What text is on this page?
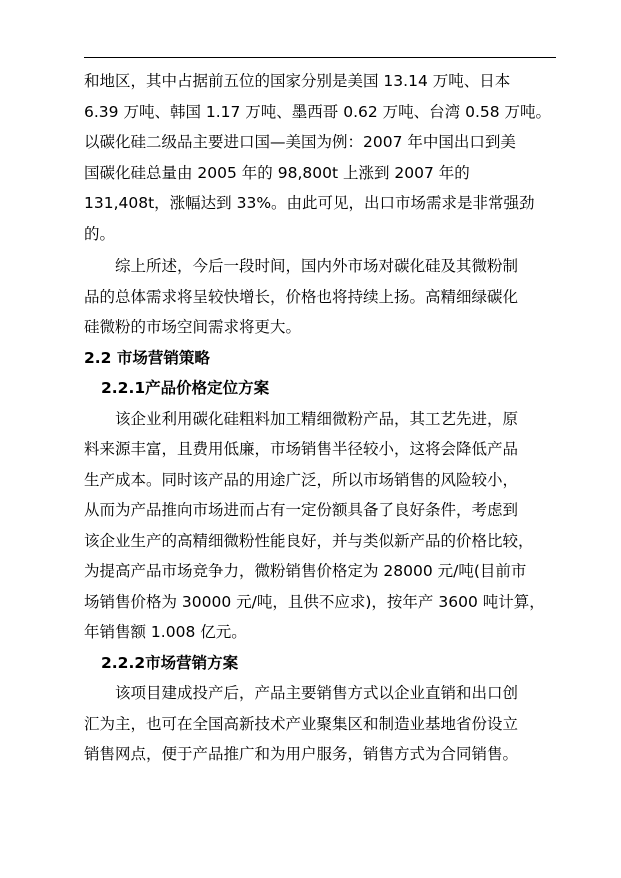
和地区，其中占据前五位的国家分别是美国 13.14 万吨、日本
6.39 万吨、韩国 1.17 万吨、墨西哥 0.62 万吨、台湾 0.58 万吨。
以碳化硅二级品主要进口国—美国为例：2007 年中国出口到美
国碳化硅总量由 2005 年的 98,800t 上涨到 2007 年的
131,408t，涨幅达到 33%。由此可见，出口市场需求是非常强劲
的。
综上所述，今后一段时间，国内外市场对碳化硅及其微粉制
品的总体需求将呈较快增长，价格也将持续上扬。高精细绿碳化
硅微粉的市场空间需求将更大。
2.2 市场营销策略
2.2.1产品价格定位方案
该企业利用碳化硅粗料加工精细微粉产品，其工艺先进，原
料来源丰富，且费用低廉，市场销售半径较小，这将会降低产品
生产成本。同时该产品的用途广泛，所以市场销售的风险较小，
从而为产品推向市场进而占有一定份额具备了良好条件，考虑到
该企业生产的高精细微粉性能良好，并与类似新产品的价格比较，
为提高产品市场竞争力，微粉销售价格定为 28000 元/吨(目前市
场销售价格为 30000 元/吨，且供不应求)，按年产 3600 吨计算，
年销售额 1.008 亿元。
2.2.2市场营销方案
该项目建成投产后，产品主要销售方式以企业直销和出口创
汇为主，也可在全国高新技术产业聚集区和制造业基地省份设立
销售网点，便于产品推广和为用户服务，销售方式为合同销售。
